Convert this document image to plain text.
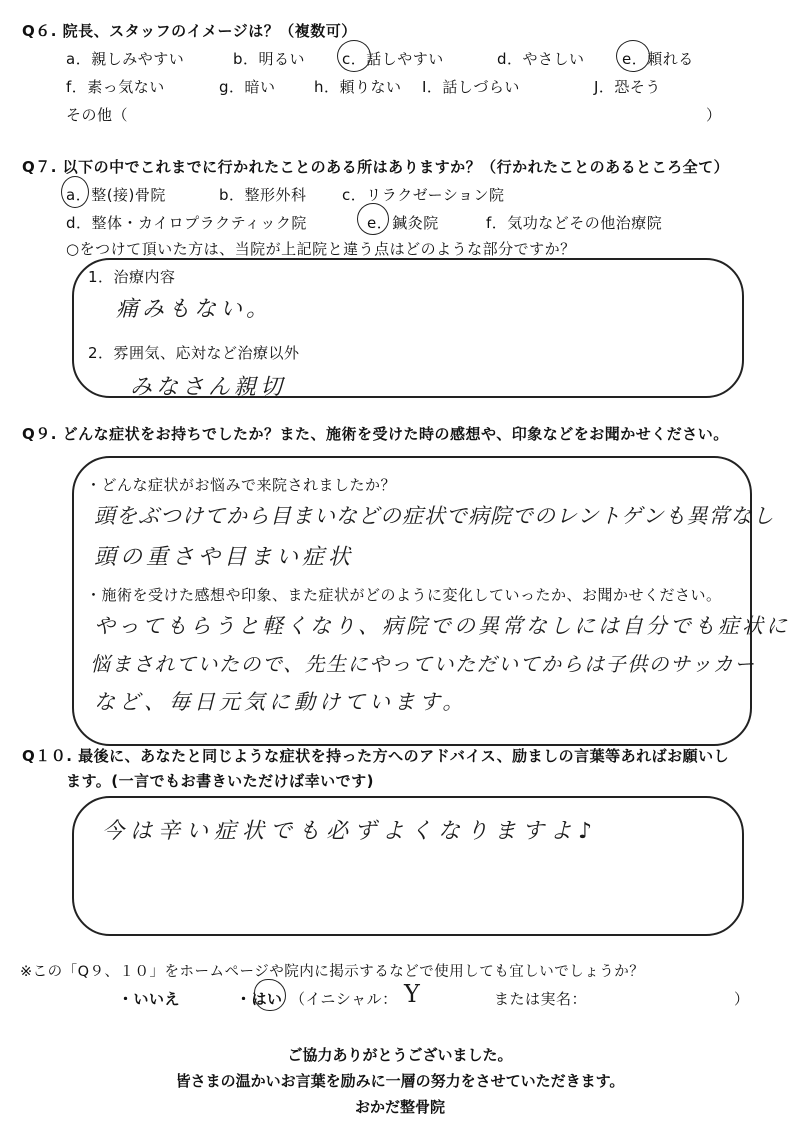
Q６. 院長、スタッフのイメージは？（複数可）
a．親しみやすい	b．明るい c．話しやすい	d．やさしい e．頼れる
f．素っ気ない	g．暗い	h．頼りない I．話しづらい	J．恐そう
その他（	）
Q７. 以下の中でこれまでに行かれたことのある所はありますか？（行かれたことのあるところ全て）
a．整(接)骨院	b．整形外科 c．リラクゼーション院
d．整体・カイロプラクティック院	e．鍼灸院	f．気功などその他治療院
○をつけて頂いた方は、当院が上記院と違う点はどのような部分ですか？
1．治療内容
痛みもない。
2．雰囲気、応対など治療以外
みなさん親切
Q９. どんな症状をお持ちでしたか？また、施術を受けた時の感想や、印象などをお聞かせください。
・どんな症状がお悩みで来院されましたか？
頭をぶつけてから目まいなどの症状で病院でのレントゲンも異常なし
頭の重さや目まい症状
・施術を受けた感想や印象、また症状がどのように変化していったか、お聞かせください。
やってもらうと軽くなり、病院での異常なしには自分でも症状に
悩まされていたので、先生にやっていただいてからは子供のサッカー
など、毎日元気に動けています。
Q１０. 最後に、あなたと同じような症状を持った方へのアドバイス、励ましの言葉等あればお願いし
ます。(一言でもお書きいただけば幸いです)
今は辛い症状でも必ずよくなりますよ♪
※この「Q９、１０」をホームページや院内に掲示するなどで使用しても宜しいでしょうか？
・いいえ	・はい （イニシャル： Y	または実名：	）
ご協力ありがとうございました。
皆さまの温かいお言葉を励みに一層の努力をさせていただきます。
おかだ整骨院
